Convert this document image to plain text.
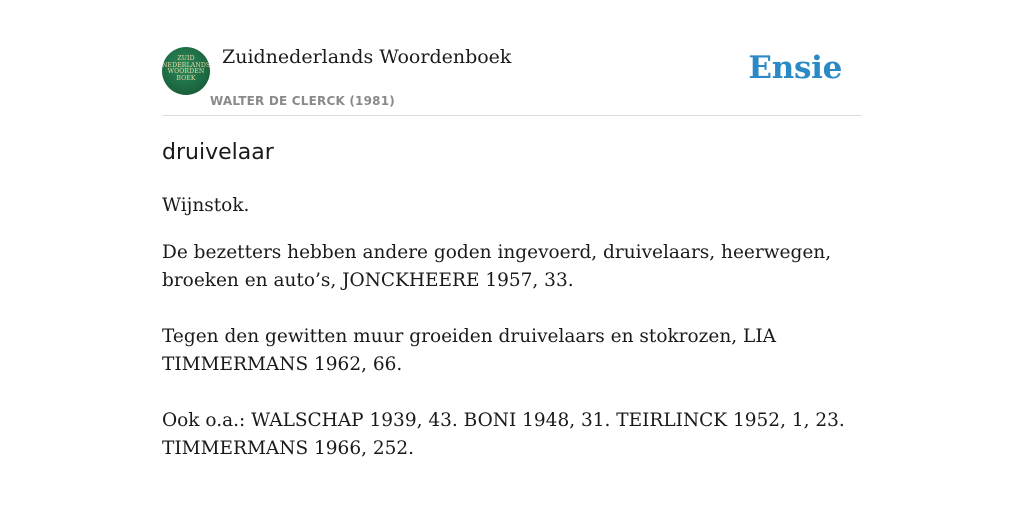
ZUID
NEDERLANDS
WOORDEN
BOEK
Zuidnederlands Woordenboek
WALTER DE CLERCK (1981)
Ensie
druivelaar
Wijnstok.
De bezetters hebben andere goden ingevoerd, druivelaars, heerwegen, broeken en auto’s, JONCKHEERE 1957, 33.
Tegen den gewitten muur groeiden druivelaars en stokrozen, LIA TIMMERMANS 1962, 66.
Ook o.a.: WALSCHAP 1939, 43. BONI 1948, 31. TEIRLINCK 1952, 1, 23. TIMMERMANS 1966, 252.
